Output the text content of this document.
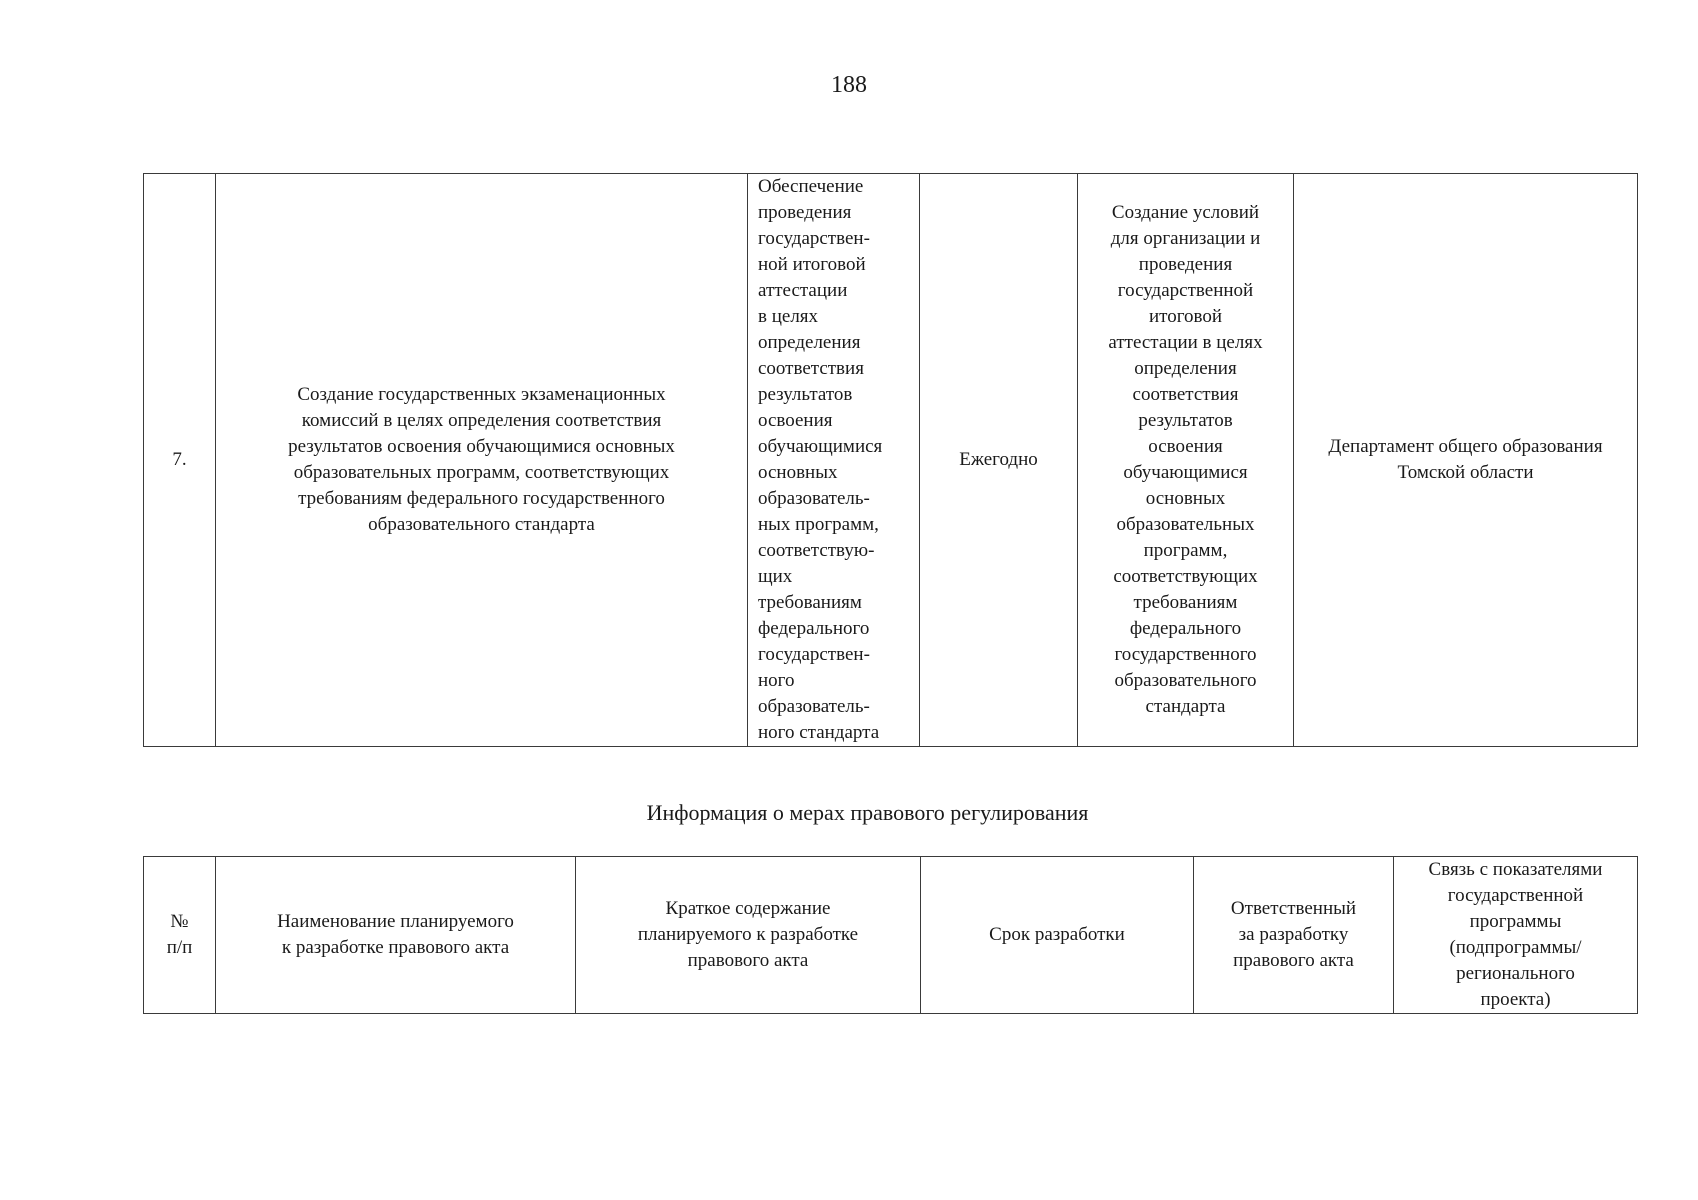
188
7.	Создание государственных экзаменационных
комиссий в целях определения соответствия
результатов освоения обучающимися основных
образовательных программ, соответствующих
требованиям федерального государственного
образовательного стандарта	Обеспечение
проведения
государствен-
ной итоговой
аттестации
в целях
определения
соответствия
результатов
освоения
обучающимися
основных
образователь-
ных программ,
соответствую-
щих
требованиям
федерального
государствен-
ного
образователь-
ного стандарта	Ежегодно	Создание условий
для организации и
проведения
государственной
итоговой
аттестации в целях
определения
соответствия
результатов
освоения
обучающимися
основных
образовательных
программ,
соответствующих
требованиям
федерального
государственного
образовательного
стандарта	Департамент общего образования
Томской области
Информация о мерах правового регулирования
№
п/п	Наименование планируемого
к разработке правового акта	Краткое содержание
планируемого к разработке
правового акта	Срок разработки	Ответственный
за разработку
правового акта	Связь с показателями
государственной
программы
(подпрограммы/
регионального
проекта)
